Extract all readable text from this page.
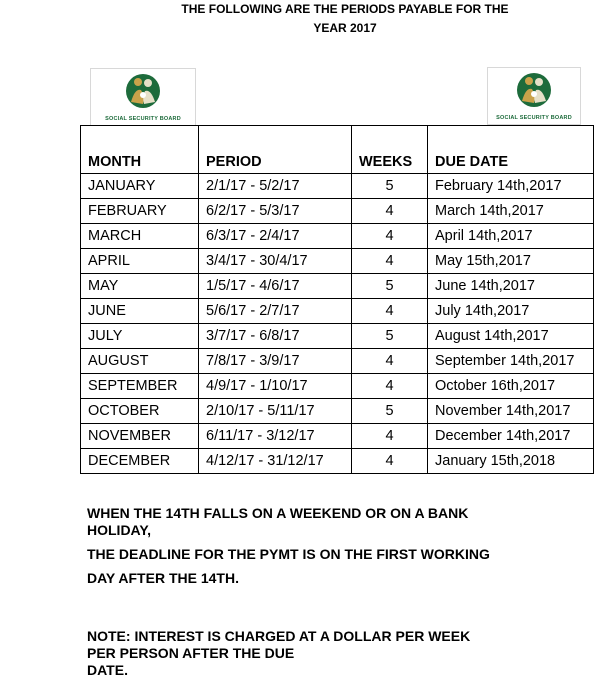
THE FOLLOWING ARE THE PERIODS PAYABLE FOR THE
YEAR 2017
SOCIAL SECURITY BOARD	SOCIAL SECURITY BOARD
MONTH	PERIOD	WEEKS	DUE DATE
JANUARY	2/1/17 - 5/2/17	5	February 14th,2017
FEBRUARY	6/2/17 - 5/3/17	4	March 14th,2017
MARCH	6/3/17 - 2/4/17	4	April 14th,2017
APRIL	3/4/17 - 30/4/17	4	May 15th,2017
MAY	1/5/17 - 4/6/17	5	June 14th,2017
JUNE	5/6/17 - 2/7/17	4	July 14th,2017
JULY	3/7/17 - 6/8/17	5	August 14th,2017
AUGUST	7/8/17 - 3/9/17	4	September 14th,2017
SEPTEMBER	4/9/17 - 1/10/17	4	October 16th,2017
OCTOBER	2/10/17 - 5/11/17	5	November 14th,2017
NOVEMBER	6/11/17 - 3/12/17	4	December 14th,2017
DECEMBER	4/12/17 - 31/12/17	4	January 15th,2018
WHEN THE 14TH FALLS ON A WEEKEND OR ON A BANK
HOLIDAY,
THE DEADLINE FOR THE PYMT IS ON THE FIRST WORKING
DAY AFTER THE 14TH.
NOTE: INTEREST IS CHARGED AT A DOLLAR PER WEEK
PER PERSON AFTER THE DUE
DATE.
